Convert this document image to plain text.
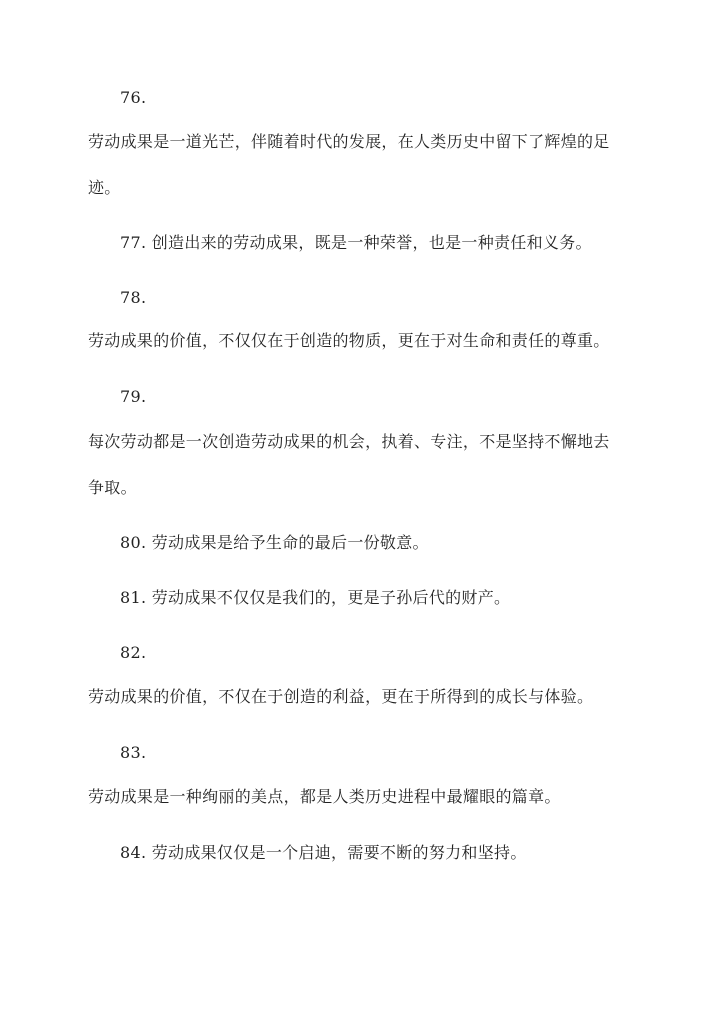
76.
劳动成果是一道光芒，伴随着时代的发展，在人类历史中留下了辉煌的足
迹。
77. 创造出来的劳动成果，既是一种荣誉，也是一种责任和义务。
78.
劳动成果的价值，不仅仅在于创造的物质，更在于对生命和责任的尊重。
79.
每次劳动都是一次创造劳动成果的机会，执着、专注，不是坚持不懈地去
争取。
80. 劳动成果是给予生命的最后一份敬意。
81. 劳动成果不仅仅是我们的，更是子孙后代的财产。
82.
劳动成果的价值，不仅在于创造的利益，更在于所得到的成长与体验。
83.
劳动成果是一种绚丽的美点，都是人类历史进程中最耀眼的篇章。
84. 劳动成果仅仅是一个启迪，需要不断的努力和坚持。
